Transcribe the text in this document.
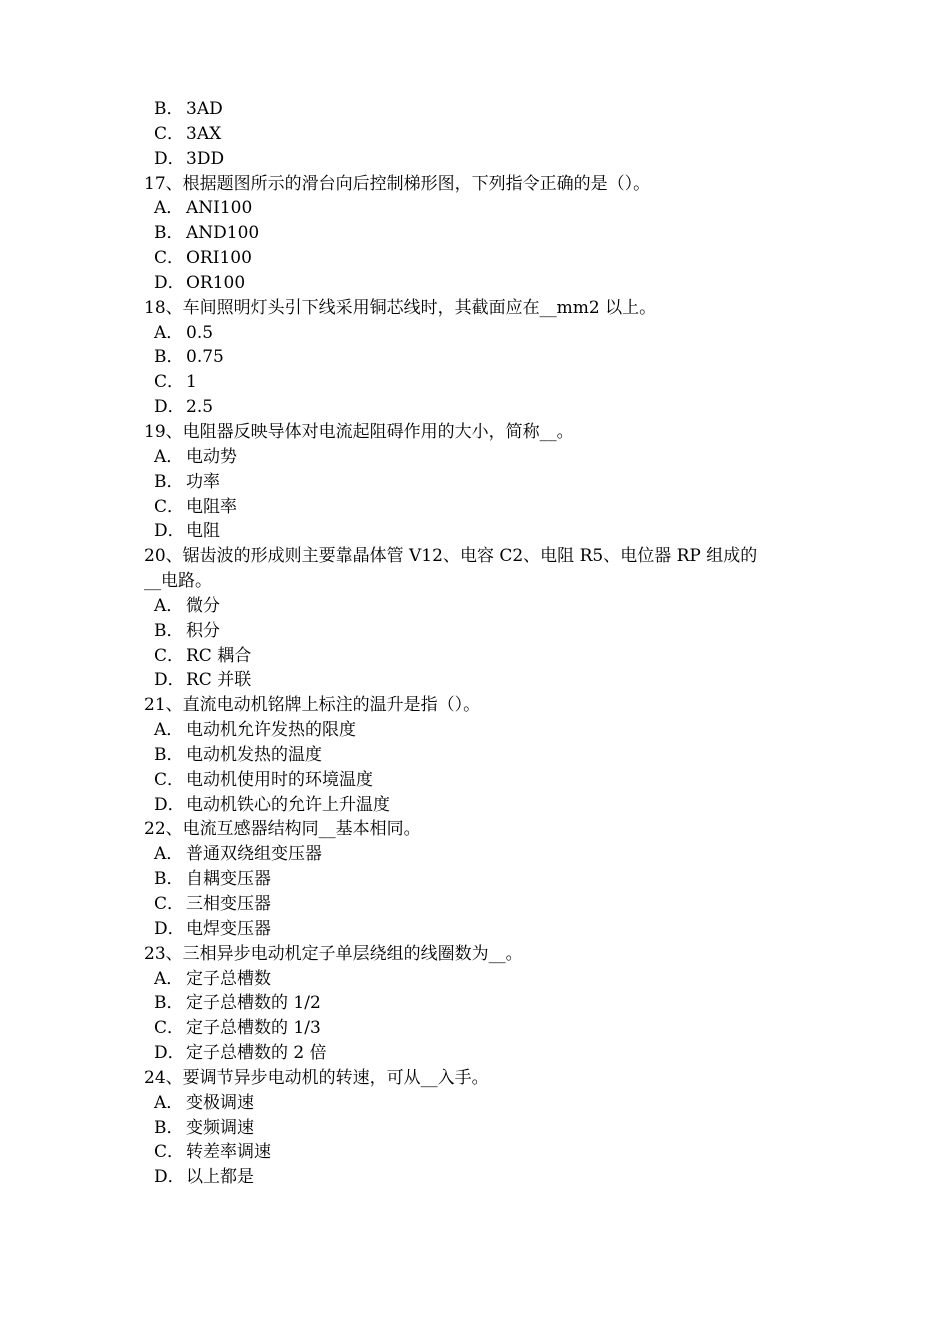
B． 3AD
C． 3AX
D．3DD
17、根据题图所示的滑台向后控制梯形图，下列指令正确的是（）。
A． ANI100
B． AND100
C． ORI100
D．OR100
18、车间照明灯头引下线采用铜芯线时，其截面应在__mm2 以上。
A． 0.5
B． 0.75
C． 1
D．2.5
19、电阻器反映导体对电流起阻碍作用的大小，简称__。
A． 电动势
B． 功率
C． 电阻率
D．电阻
20、锯齿波的形成则主要靠晶体管 V12、电容 C2、电阻 R5、电位器 RP 组成的
__电路。
A． 微分
B． 积分
C． RC 耦合
D．RC 并联
21、直流电动机铭牌上标注的温升是指（）。
A． 电动机允许发热的限度
B． 电动机发热的温度
C． 电动机使用时的环境温度
D．电动机铁心的允许上升温度
22、电流互感器结构同__基本相同。
A． 普通双绕组变压器
B． 自耦变压器
C． 三相变压器
D．电焊变压器
23、三相异步电动机定子单层绕组的线圈数为__。
A． 定子总槽数
B． 定子总槽数的 1/2
C． 定子总槽数的 1/3
D．定子总槽数的 2 倍
24、要调节异步电动机的转速，可从__入手。
A． 变极调速
B． 变频调速
C． 转差率调速
D．以上都是
